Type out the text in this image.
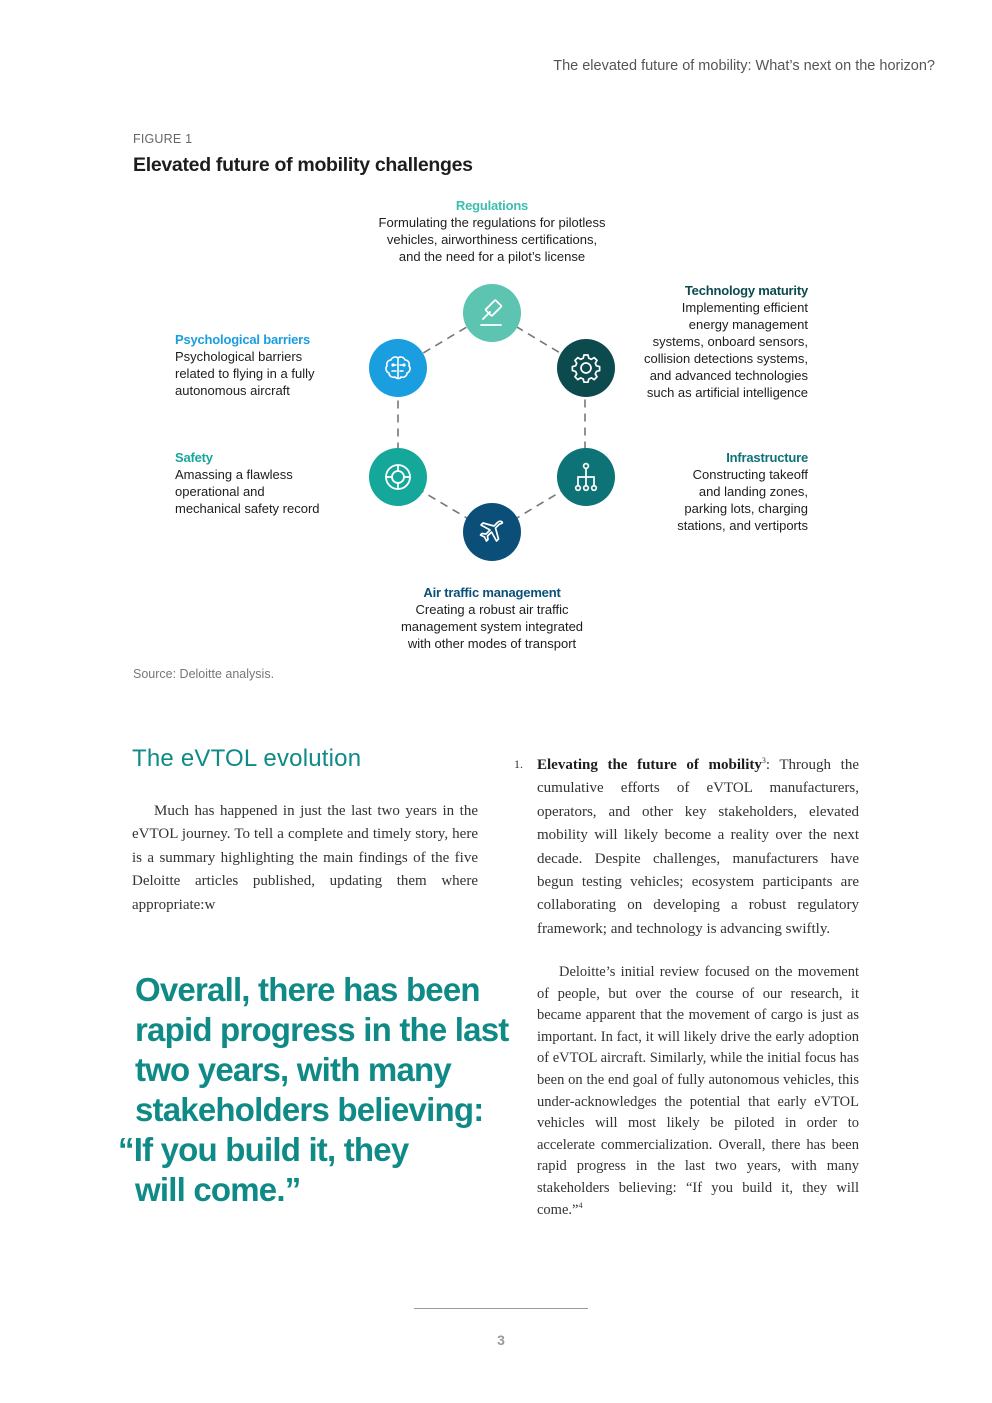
The elevated future of mobility: What’s next on the horizon?
FIGURE 1
Elevated future of mobility challenges
Regulations
Formulating the regulations for pilotless
vehicles, airworthiness certifications,
and the need for a pilot’s license
Technology maturity
Implementing efficient
energy management
systems, onboard sensors,
collision detections systems,
and advanced technologies
such as artificial intelligence
Infrastructure
Constructing takeoff
and landing zones,
parking lots, charging
stations, and vertiports
Air traffic management
Creating a robust air traffic
management system integrated
with other modes of transport
Safety
Amassing a flawless
operational and
mechanical safety record
Psychological barriers
Psychological barriers
related to flying in a fully
autonomous aircraft
Source: Deloitte analysis.
The eVTOL evolution
Much has happened in just the last two years in the eVTOL journey. To tell a complete and timely story, here is a summary highlighting the main findings of the five Deloitte articles published, updating them where appropriate:w
Overall, there has been
rapid progress in the last
two years, with many
stakeholders believing:
“If you build it, they
will come.”
1. Elevating the future of mobility$^3$: Through the cumulative efforts of eVTOL manufacturers, operators, and other key stakeholders, elevated mobility will likely become a reality over the next decade. Despite challenges, manufacturers have begun testing vehicles; ecosystem participants are collaborating on developing a robust regulatory framework; and technology is advancing swiftly.
Deloitte’s initial review focused on the movement of people, but over the course of our research, it became apparent that the movement of cargo is just as important. In fact, it will likely drive the early adoption of eVTOL aircraft. Similarly, while the initial focus has been on the end goal of fully autonomous vehicles, this under-acknowledges the potential that early eVTOL vehicles will most likely be piloted in order to accelerate commercialization. Overall, there has been rapid progress in the last two years, with many stakeholders believing: “If you build it, they will come.”$^4$
3
